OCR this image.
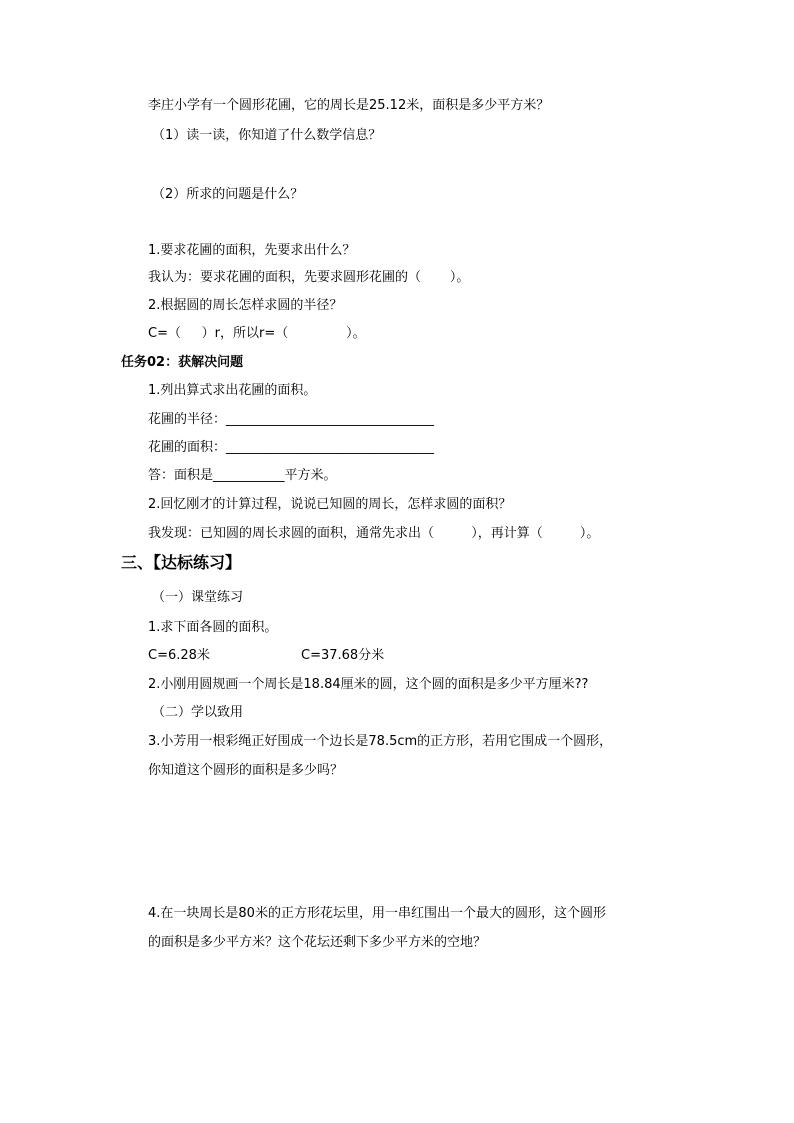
李庄小学有一个圆形花圃，它的周长是25.12米，面积是多少平方米？
（1）读一读，你知道了什么数学信息？
（2）所求的问题是什么？
1.要求花圃的面积，先要求出什么？
我认为：要求花圃的面积，先要求圆形花圃的（       ）。
2.根据圆的周长怎样求圆的半径？
C=（     ）r，所以r=（              ）。
任务02：获解决问题
1.列出算式求出花圃的面积。
花圃的半径：________________________________
花圃的面积：________________________________
答：面积是___________平方米。
2.回忆刚才的计算过程，说说已知圆的周长，怎样求圆的面积？
我发现：已知圆的周长求圆的面积，通常先求出（         ），再计算（         ）。
三、【达标练习】
（一）课堂练习
1.求下面各圆的面积。
C=6.28米	C=37.68分米
2.小刚用圆规画一个周长是18.84厘米的圆，这个圆的面积是多少平方厘米??
（二）学以致用
3.小芳用一根彩绳正好围成一个边长是78.5cm的正方形，若用它围成一个圆形，
你知道这个圆形的面积是多少吗？
4.在一块周长是80米的正方形花坛里，用一串红围出一个最大的圆形，这个圆形
的面积是多少平方米？这个花坛还剩下多少平方米的空地？
